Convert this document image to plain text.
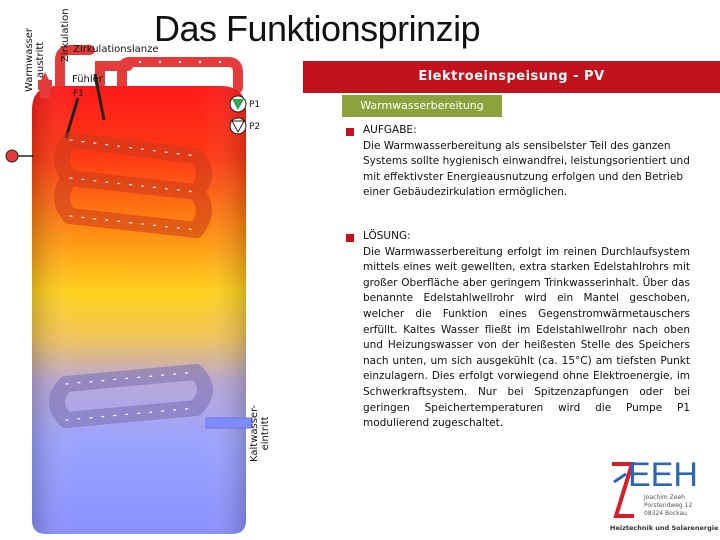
Das Funktionsprinzip
Warmwasser
austritt Zirkulation
Kaltwasser-
eintritt
Zirkulationslanze
Fühler
F1
P1
P2
Elektroeinspeisung - PV
Warmwasserbereitung
AUFGABE:
Die Warmwasserbereitung als sensibelster Teil des ganzen Systems sollte hygienisch einwandfrei, leistungsorientiert und mit effektivster Energieausnutzung erfolgen und den Betrieb einer Gebäudezirkulation ermöglichen.
LÖSUNG:
Die Warmwasserbereitung erfolgt im reinen Durchlaufsystem mittels eines weit gewellten, extra starken Edelstahlrohrs mit großer Oberfläche aber geringem Trinkwasserinhalt. Über das benannte Edelstahlwellrohr wird ein Mantel geschoben, welcher die Funktion eines Gegenstromwärmetauschers erfüllt. Kaltes Wasser fließt im Edelstahlwellrohr nach oben und Heizungswasser von der heißesten Stelle des Speichers nach unten, um sich ausgekühlt (ca. 15°C) am tiefsten Punkt einzulagern. Dies erfolgt vorwiegend ohne Elektroenergie, im Schwerkraftsystem. Nur bei Spitzenzapfungen oder bei geringen Speichertemperaturen wird die Pumpe P1 modulierend zugeschaltet.
EEH
Joachim Zeeh
Porstendweg 12
08324 Bockau
Heiztechnik und Solarenergie
